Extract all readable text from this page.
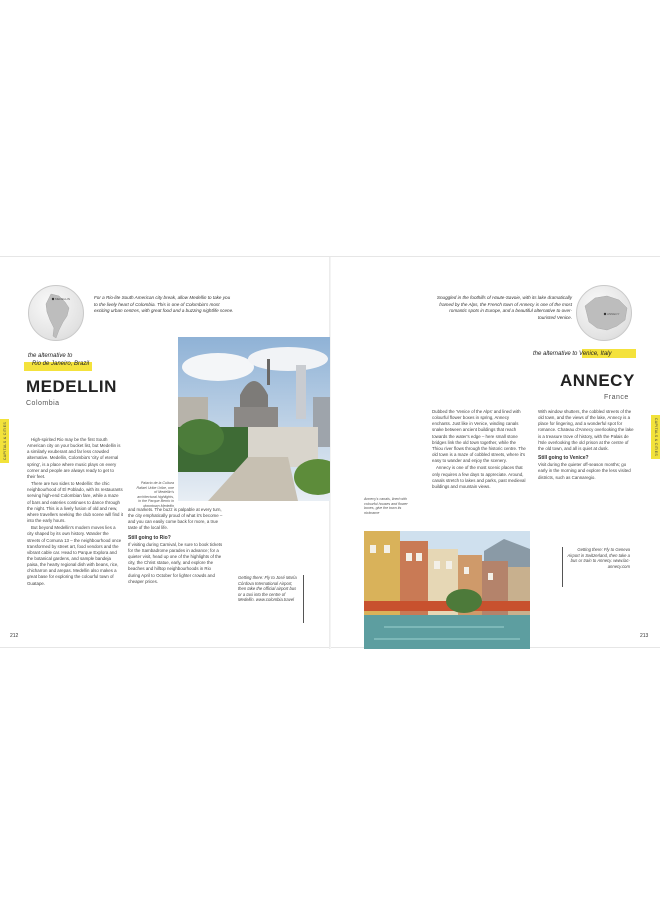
MEDELLIN	For a Rio-lite South American city break, allow Medellin to take you to the lively heart of Colombia. This is one of Colombia's most exciting urban centres, with great food and a buzzing nightlife scene.
the alternative to
Rio de Janeiro, Brazil
MEDELLIN
Colombia
CAPITALS & CITIES	High-spirited Rio may be the first South American city on your bucket list, but Medellin is a similarly exuberant and far less crowded alternative. Medellin, Colombia's 'city of eternal spring', is a place where music plays on every corner and people are always ready to get to their feet.

There are two sides to Medellin: the chic neighbourhood of El Poblado, with its restaurants serving high-end Colombian fare, while a maze of bars and eateries continues to dance through the night. This is a lively fusion of old and new, where travellers seeking the club scene will find it into the early hours.

But beyond Medellin's modern moves lies a city shaped by its own history. Wander the streets of Comuna 13 – the neighbourhood once transformed by street art, food vendors and the vibrant cable car. Head to Parque Explora and the botanical gardens, and sample bandeja paisa, the hearty regional dish with beans, rice, chicharron and arepas. Medellin also makes a great base for exploring the colourful town of Guatape.

Palacio de la Cultura Rafael Uribe Uribe, one of Medellin's architectural highlights, in the Parque Berrio in downtown Medellin

and markets. The buzz is palpable at every turn, the city emphatically proud of what it's become – and you can easily come back for more, a true taste of the local life.

Still going to Rio?

If visiting during Carnival, be sure to book tickets for the Sambadrome parades in advance; for a quieter visit, head up one of the highlights of the city, the Christ statue, early, and explore the beaches and hilltop neighbourhoods in Rio during April to October for lighter crowds and cheaper prices.

Getting there: Fly to José María Córdova International Airport, then take the official airport bus or a taxi into the centre of Medellin. www.colombia.travel
212
Snuggled in the foothills of Haute-Savoie, with its lake dramatically framed by the Alps, the French town of Annecy is one of the most romantic spots in Europe, and a beautiful alternative to over-touristed Venice.
ANNECY
the alternative to Venice, Italy
ANNECY
France
CAPITALS & CITIES

Dubbed the 'Venice of the Alps' and lined with colourful flower boxes in spring, Annecy enchants. Just like in Venice, winding canals snake between ancient buildings that reach towards the water's edge – here small stone bridges link the old town together, while the Thiou river flows through the historic centre. The old town is a maze of cobbled streets, where it's easy to wander and enjoy the scenery.

Annecy is one of the most scenic places that only requires a few days to appreciate. Around, canals stretch to lakes and parks, past medieval buildings and mountain views.

With window shutters, the cobbled streets of the old town, and the views of the lake, Annecy is a place for lingering, and a wonderful spot for romance. Chateau d'Annecy overlooking the lake is a treasure trove of history, with the Palais de l'Isle overlooking the old prison at the centre of the old town, and all is quiet at dusk.

Still going to Venice?

Visit during the quieter off-season months; go early in the morning and explore the less visited districts, such as Cannaregio.

Annecy's canals, lined with colourful houses and flower boxes, give the town its nickname
Getting there: Fly to Geneva Airport in Switzerland, then take a bus or train to Annecy. www.lac-annecy.com
213
